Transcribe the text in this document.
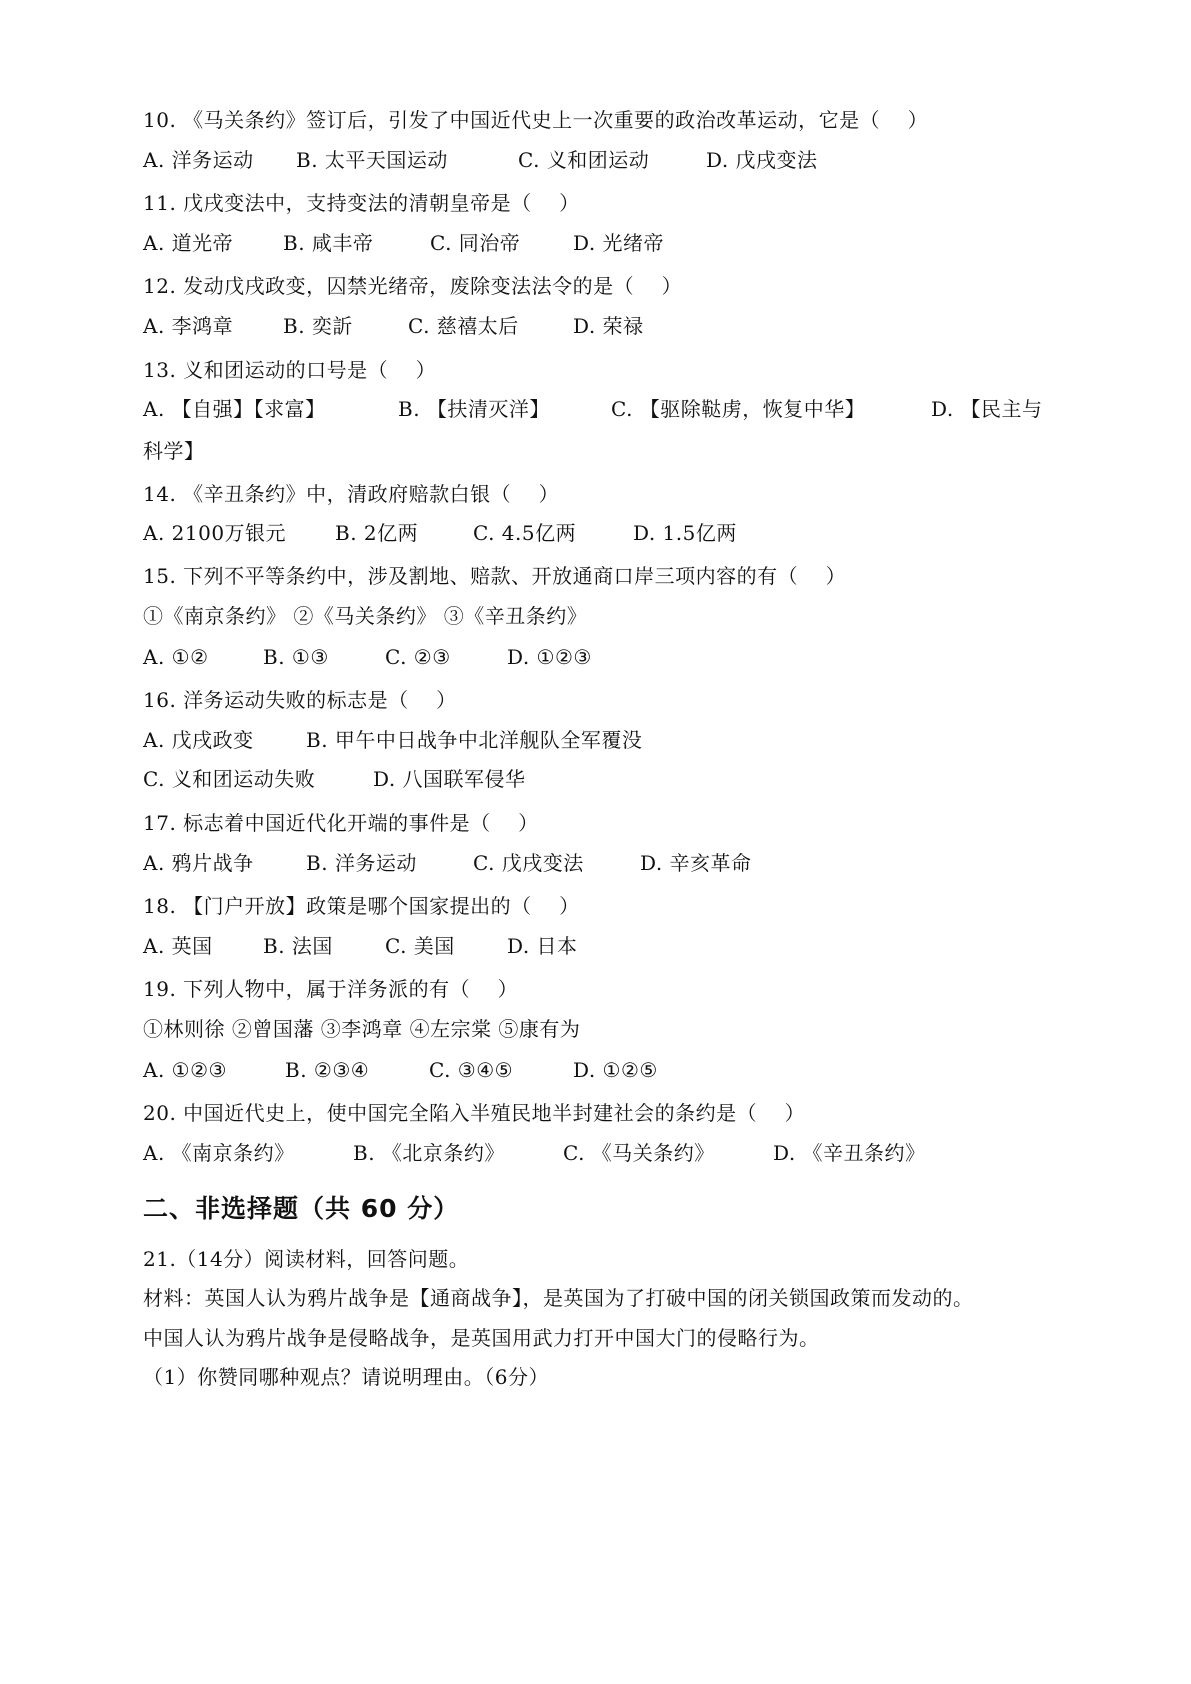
10. 《马关条约》签订后，引发了中国近代史上一次重要的政治改革运动，它是（    ）

A. 洋务运动

B. 太平天国运动

	C. 义和团运动

	D. 戊戌变法

11. 戊戌变法中，支持变法的清朝皇帝是（    ）

A. 道光帝

B. 咸丰帝

	C. 同治帝

	D. 光绪帝

12. 发动戊戌政变，囚禁光绪帝，废除变法法令的是（    ）

A. 李鸿章

B. 奕訢

	C. 慈禧太后

	D. 荣禄

13. 义和团运动的口号是（    ）

A. 【自强】【求富】

	B. 【扶清灭洋】

	C. 【驱除鞑虏，恢复中华】

	D. 【民主与

科学】
14. 《辛丑条约》中，清政府赔款白银（    ）

A. 2100万银元

B. 2亿两

	C. 4.5亿两

	D. 1.5亿两

15. 下列不平等条约中，涉及割地、赔款、开放通商口岸三项内容的有（    ）
①《南京条约》 ②《马关条约》 ③《辛丑条约》

A. ①②

	B. ①③

	C. ②③

	D. ①②③

16. 洋务运动失败的标志是（    ）

A. 戊戌政变

	B. 甲午中日战争中北洋舰队全军覆没

C. 义和团运动失败

	D. 八国联军侵华

17. 标志着中国近代化开端的事件是（    ）

A. 鸦片战争

	B. 洋务运动

	C. 戊戌变法

	D. 辛亥革命

18. 【门户开放】政策是哪个国家提出的（    ）

A. 英国

	B. 法国

	C. 美国

	D. 日本

19. 下列人物中，属于洋务派的有（    ）
①林则徐 ②曾国藩 ③李鸿章 ④左宗棠 ⑤康有为

A. ①②③

	B. ②③④

	C. ③④⑤

	D. ①②⑤

20. 中国近代史上，使中国完全陷入半殖民地半封建社会的条约是（    ）

A. 《南京条约》

	B. 《北京条约》

	C. 《马关条约》

	D. 《辛丑条约》

二、非选择题（共 60 分）
21.（14分）阅读材料，回答问题。
材料：英国人认为鸦片战争是【通商战争】，是英国为了打破中国的闭关锁国政策而发动的。
中国人认为鸦片战争是侵略战争，是英国用武力打开中国大门的侵略行为。
（1）你赞同哪种观点？请说明理由。（6分）
